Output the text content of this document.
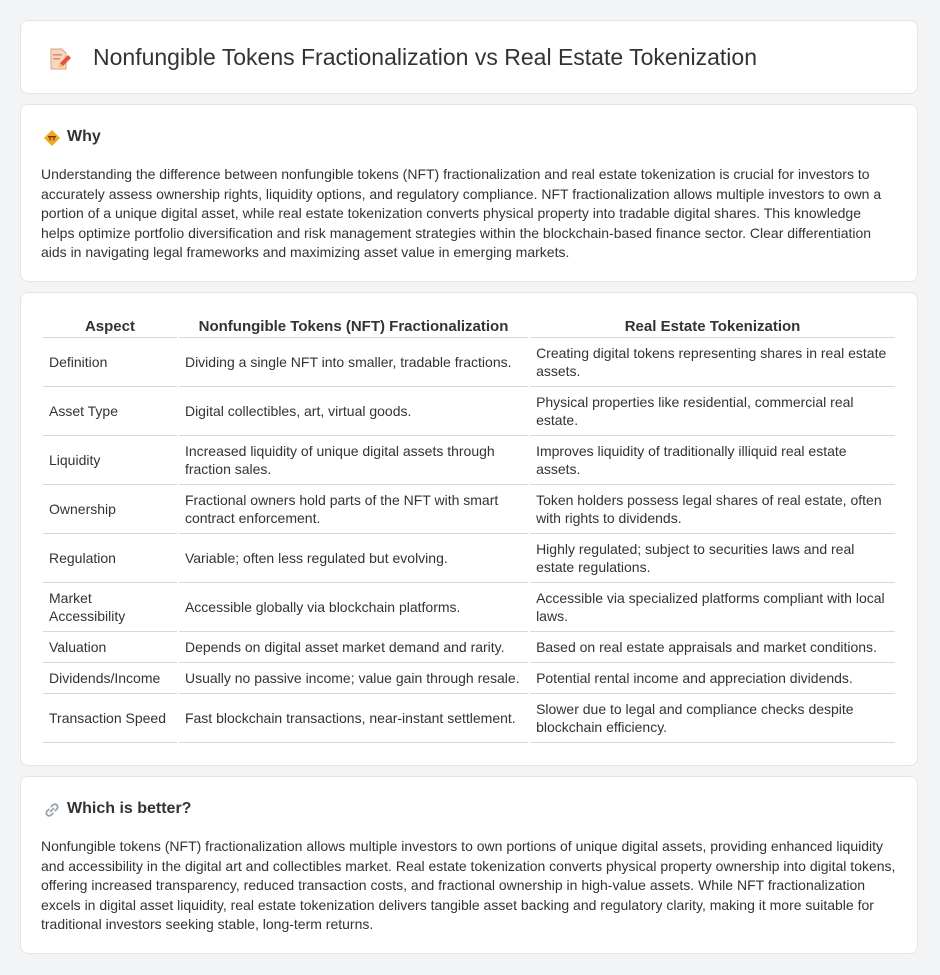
Nonfungible Tokens Fractionalization vs Real Estate Tokenization
Why

Understanding the difference between nonfungible tokens (NFT) fractionalization and real estate tokenization is crucial for investors to accurately assess ownership rights, liquidity options, and regulatory compliance. NFT fractionalization allows multiple investors to own a portion of a unique digital asset, while real estate tokenization converts physical property into tradable digital shares. This knowledge helps optimize portfolio diversification and risk management strategies within the blockchain-based finance sector. Clear differentiation aids in navigating legal frameworks and maximizing asset value in emerging markets.

Aspect	Nonfungible Tokens (NFT) Fractionalization	Real Estate Tokenization
Definition	Dividing a single NFT into smaller, tradable fractions.	Creating digital tokens representing shares in real estate assets.
Asset Type	Digital collectibles, art, virtual goods.	Physical properties like residential, commercial real estate.
Liquidity	Increased liquidity of unique digital assets through fraction sales.	Improves liquidity of traditionally illiquid real estate assets.
Ownership	Fractional owners hold parts of the NFT with smart contract enforcement.	Token holders possess legal shares of real estate, often with rights to dividends.
Regulation	Variable; often less regulated but evolving.	Highly regulated; subject to securities laws and real estate regulations.
Market Accessibility	Accessible globally via blockchain platforms.	Accessible via specialized platforms compliant with local laws.
Valuation	Depends on digital asset market demand and rarity.	Based on real estate appraisals and market conditions.
Dividends/Income	Usually no passive income; value gain through resale.	Potential rental income and appreciation dividends.
Transaction Speed	Fast blockchain transactions, near-instant settlement.	Slower due to legal and compliance checks despite blockchain efficiency.
Which is better?

Nonfungible tokens (NFT) fractionalization allows multiple investors to own portions of unique digital assets, providing enhanced liquidity and accessibility in the digital art and collectibles market. Real estate tokenization converts physical property ownership into digital tokens, offering increased transparency, reduced transaction costs, and fractional ownership in high-value assets. While NFT fractionalization excels in digital asset liquidity, real estate tokenization delivers tangible asset backing and regulatory clarity, making it more suitable for traditional investors seeking stable, long-term returns.
